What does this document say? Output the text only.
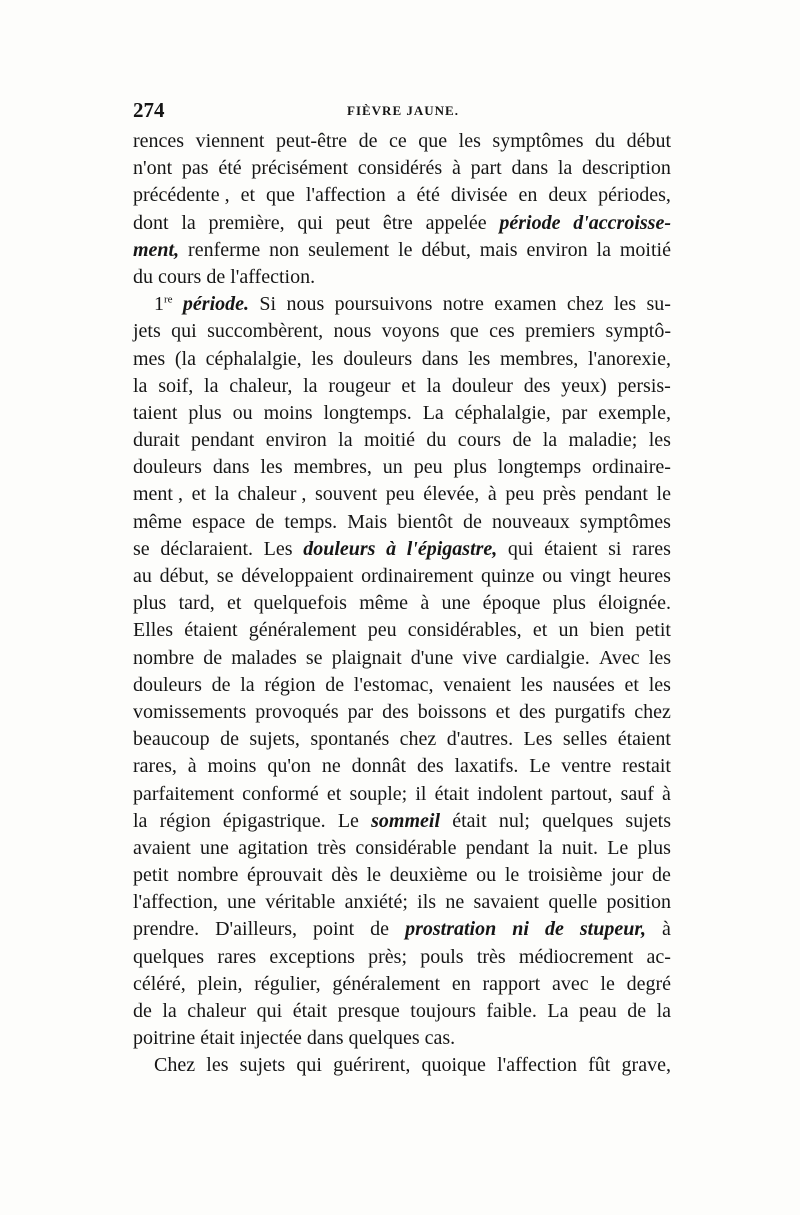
274	FIÈVRE JAUNE.
rences viennent peut-être de ce que les symptômes du début
n'ont pas été précisément considérés à part dans la description
précédente , et que l'affection a été divisée en deux périodes,
dont la première, qui peut être appelée période d'accroisse-
ment, renferme non seulement le début, mais environ la moitié
du cours de l'affection.
1re période. Si nous poursuivons notre examen chez les su-
jets qui succombèrent, nous voyons que ces premiers symptô-
mes (la céphalalgie, les douleurs dans les membres, l'anorexie,
la soif, la chaleur, la rougeur et la douleur des yeux) persis-
taient plus ou moins longtemps. La céphalalgie, par exemple,
durait pendant environ la moitié du cours de la maladie; les
douleurs dans les membres, un peu plus longtemps ordinaire-
ment , et la chaleur , souvent peu élevée, à peu près pendant le
même espace de temps. Mais bientôt de nouveaux symptômes
se déclaraient. Les douleurs à l'épigastre, qui étaient si rares
au début, se développaient ordinairement quinze ou vingt heures
plus tard, et quelquefois même à une époque plus éloignée.
Elles étaient généralement peu considérables, et un bien petit
nombre de malades se plaignait d'une vive cardialgie. Avec les
douleurs de la région de l'estomac, venaient les nausées et les
vomissements provoqués par des boissons et des purgatifs chez
beaucoup de sujets, spontanés chez d'autres. Les selles étaient
rares, à moins qu'on ne donnât des laxatifs. Le ventre restait
parfaitement conformé et souple; il était indolent partout, sauf à
la région épigastrique. Le sommeil était nul; quelques sujets
avaient une agitation très considérable pendant la nuit. Le plus
petit nombre éprouvait dès le deuxième ou le troisième jour de
l'affection, une véritable anxiété; ils ne savaient quelle position
prendre. D'ailleurs, point de prostration ni de stupeur, à
quelques rares exceptions près; pouls très médiocrement ac-
céléré, plein, régulier, généralement en rapport avec le degré
de la chaleur qui était presque toujours faible. La peau de la
poitrine était injectée dans quelques cas.
Chez les sujets qui guérirent, quoique l'affection fût grave,
